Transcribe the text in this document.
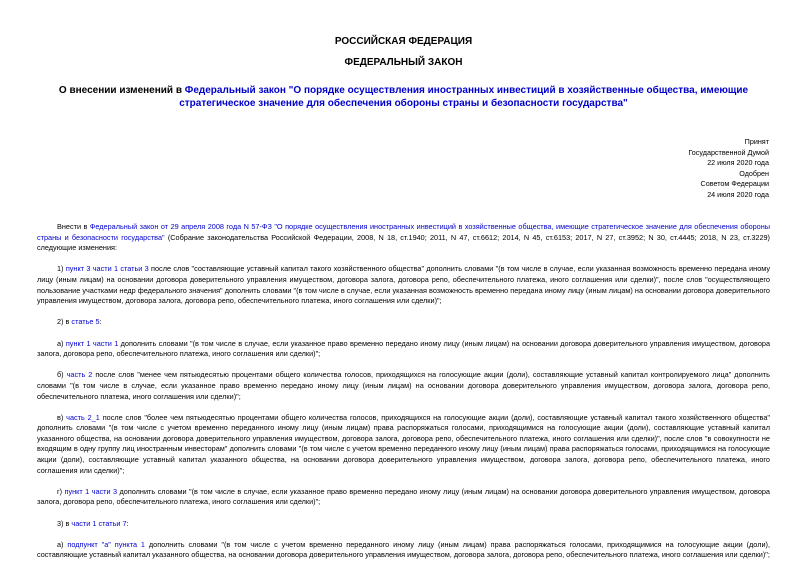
РОССИЙСКАЯ ФЕДЕРАЦИЯ
ФЕДЕРАЛЬНЫЙ ЗАКОН
О внесении изменений в Федеральный закон "О порядке осуществления иностранных инвестиций в хозяйственные общества, имеющие стратегическое значение для обеспечения обороны страны и безопасности государства"
Принят
Государственной Думой
22 июля 2020 года
Одобрен
Советом Федерации
24 июля 2020 года

Внести в Федеральный закон от 29 апреля 2008 года N 57-ФЗ "О порядке осуществления иностранных инвестиций в хозяйственные общества, имеющие стратегическое значение для обеспечения обороны страны и безопасности государства" (Собрание законодательства Российской Федерации, 2008, N 18, ст.1940; 2011, N 47, ст.6612; 2014, N 45, ст.6153; 2017, N 27, ст.3952; N 30, ст.4445; 2018, N 23, ст.3229) следующие изменения:

1) пункт 3 части 1 статьи 3 после слов "составляющие уставный капитал такого хозяйственного общества" дополнить словами "(в том числе в случае, если указанная возможность временно передана иному лицу (иным лицам) на основании договора доверительного управления имуществом, договора залога, договора репо, обеспечительного платежа, иного соглашения или сделки)", после слов "осуществляющего пользование участками недр федерального значения" дополнить словами "(в том числе в случае, если указанная возможность временно передана иному лицу (иным лицам) на основании договора доверительного управления имуществом, договора залога, договора репо, обеспечительного платежа, иного соглашения или сделки)";

2) в статье 5:

а) пункт 1 части 1 дополнить словами "(в том числе в случае, если указанное право временно передано иному лицу (иным лицам) на основании договора доверительного управления имуществом, договора залога, договора репо, обеспечительного платежа, иного соглашения или сделки)";

б) часть 2 после слов "менее чем пятьюдесятью процентами общего количества голосов, приходящихся на голосующие акции (доли), составляющие уставный капитал контролируемого лица" дополнить словами "(в том числе в случае, если указанное право временно передано иному лицу (иным лицам) на основании договора доверительного управления имуществом, договора залога, договора репо, обеспечительного платежа, иного соглашения или сделки)";

в) часть 2_1 после слов "более чем пятьюдесятью процентами общего количества голосов, приходящихся на голосующие акции (доли), составляющие уставный капитал такого хозяйственного общества" дополнить словами "(в том числе с учетом временно переданного иному лицу (иным лицам) права распоряжаться голосами, приходящимися на голосующие акции (доли), составляющие уставный капитал указанного общества, на основании договора доверительного управления имуществом, договора залога, договора репо, обеспечительного платежа, иного соглашения или сделки)", после слов "в совокупности не входящим в одну группу лиц иностранным инвесторам" дополнить словами "(в том числе с учетом временно переданного иному лицу (иным лицам) права распоряжаться голосами, приходящимися на голосующие акции (доли), составляющие уставный капитал указанного общества, на основании договора доверительного управления имуществом, договора залога, договора репо, обеспечительного платежа, иного соглашения или сделки)";

г) пункт 1 части 3 дополнить словами "(в том числе в случае, если указанное право временно передано иному лицу (иным лицам) на основании договора доверительного управления имуществом, договора залога, договора репо, обеспечительного платежа, иного соглашения или сделки)";

3) в части 1 статьи 7:

а) подпункт "а" пункта 1 дополнить словами "(в том числе с учетом временно переданного иному лицу (иным лицам) права распоряжаться голосами, приходящимися на голосующие акции (доли), составляющие уставный капитал указанного общества, на основании договора доверительного управления имуществом, договора залога, договора репо, обеспечительного платежа, иного соглашения или сделки)";
